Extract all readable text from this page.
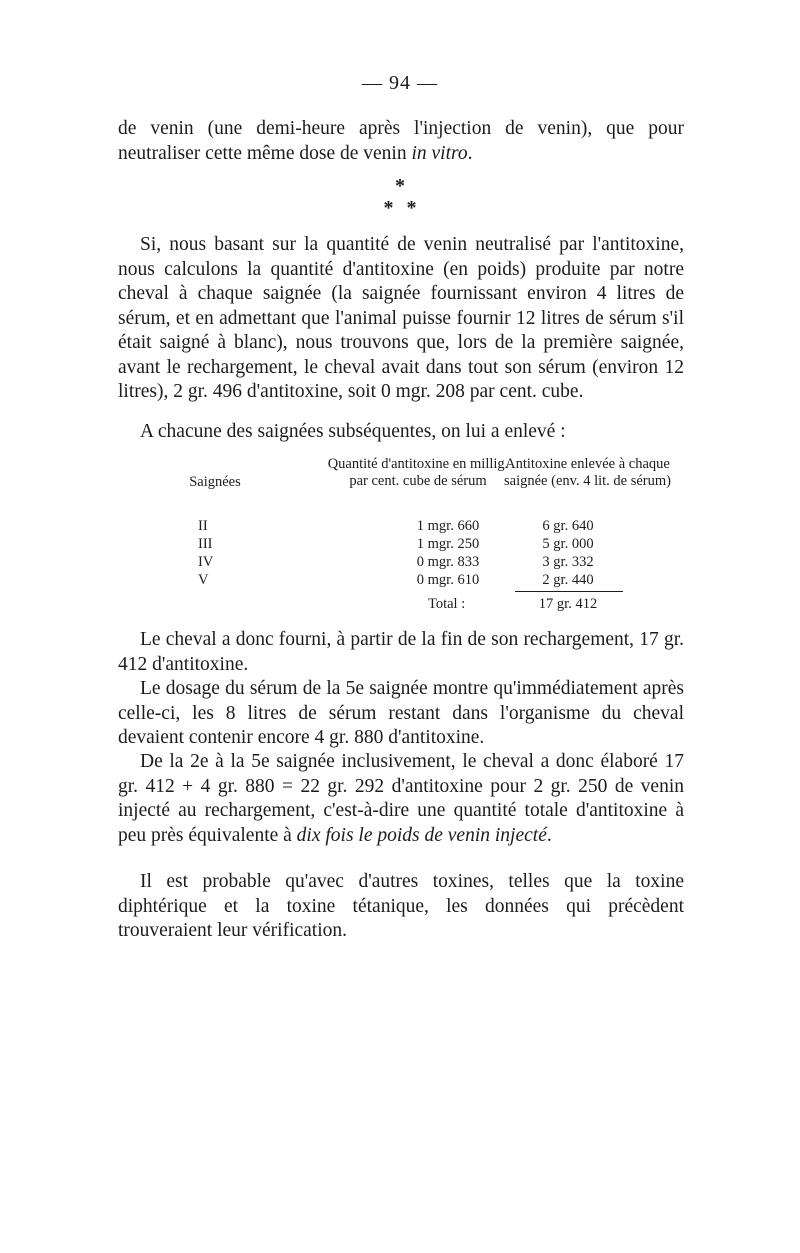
— 94 —

de venin (une demi-heure après l'injection de venin), que pour neutraliser cette même dose de venin in vitro.

*
* *

Si, nous basant sur la quantité de venin neutralisé par l'antitoxine, nous calculons la quantité d'antitoxine (en poids) produite par notre cheval à chaque saignée (la saignée fournissant environ 4 litres de sérum, et en admettant que l'animal puisse fournir 12 litres de sérum s'il était saigné à blanc), nous trouvons que, lors de la première saignée, avant le rechargement, le cheval avait dans tout son sérum (environ 12 litres), 2 gr. 496 d'antitoxine, soit 0 mgr. 208 par cent. cube.

A chacune des saignées subséquentes, on lui a enlevé :

Saignées
Quantité d'antitoxine en millig. par cent. cube de sérum
Antitoxine enlevée à chaque saignée (env. 4 lit. de sérum)
II	1 mgr. 660	6 gr. 640
III	1 mgr. 250	5 gr. 000
IV	0 mgr. 833	3 gr. 332
V	0 mgr. 610	2 gr. 440
Total :	17 gr. 412

Le cheval a donc fourni, à partir de la fin de son rechargement, 17 gr. 412 d'antitoxine.

Le dosage du sérum de la 5e saignée montre qu'immédiatement après celle-ci, les 8 litres de sérum restant dans l'organisme du cheval devaient contenir encore 4 gr. 880 d'antitoxine.

De la 2e à la 5e saignée inclusivement, le cheval a donc élaboré 17 gr. 412 + 4 gr. 880 = 22 gr. 292 d'antitoxine pour 2 gr. 250 de venin injecté au rechargement, c'est-à-dire une quantité totale d'antitoxine à peu près équivalente à dix fois le poids de venin injecté.

Il est probable qu'avec d'autres toxines, telles que la toxine diphtérique et la toxine tétanique, les données qui précèdent trouveraient leur vérification.
